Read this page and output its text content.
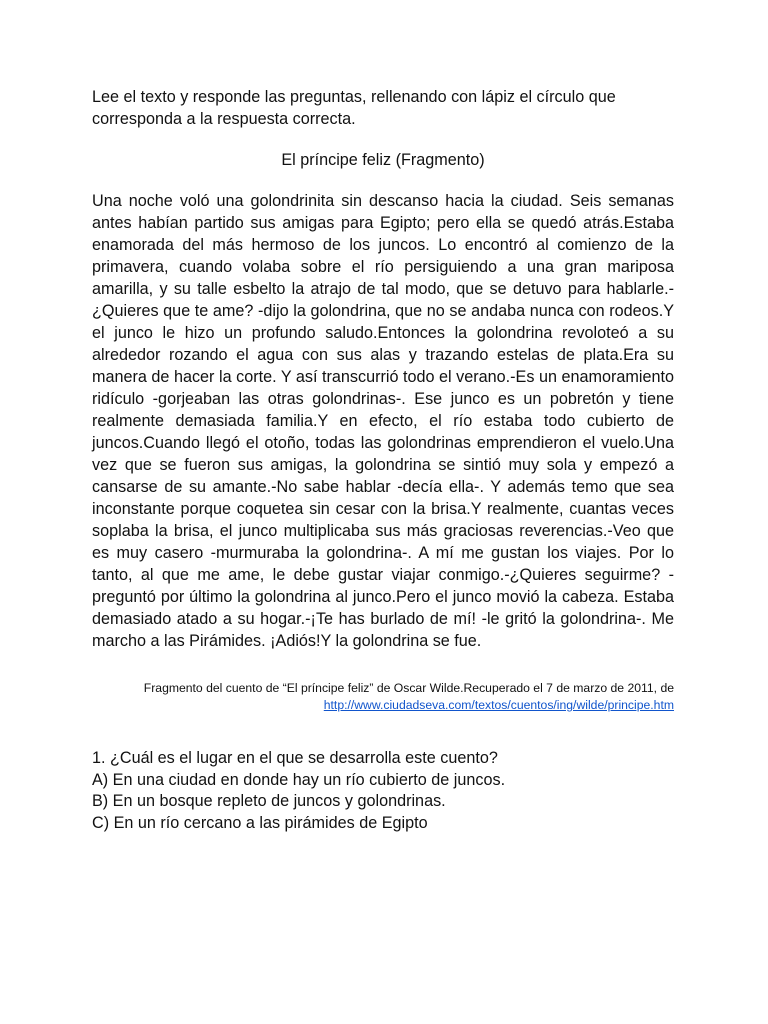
Lee el texto y responde las preguntas, rellenando con lápiz el círculo que corresponda a la respuesta correcta.

El príncipe feliz (Fragmento)

Una noche voló una golondrinita sin descanso hacia la ciudad. Seis semanas antes habían partido sus amigas para Egipto; pero ella se quedó atrás.Estaba enamorada del más hermoso de los juncos. Lo encontró al comienzo de la primavera, cuando volaba sobre el río persiguiendo a una gran mariposa amarilla, y su talle esbelto la atrajo de tal modo, que se detuvo para hablarle.-¿Quieres que te ame? -dijo la golondrina, que no se andaba nunca con rodeos.Y el junco le hizo un profundo saludo.Entonces la golondrina revoloteó a su alrededor rozando el agua con sus alas y trazando estelas de plata.Era su manera de hacer la corte. Y así transcurrió todo el verano.-Es un enamoramiento ridículo -gorjeaban las otras golondrinas-. Ese junco es un pobretón y tiene realmente demasiada familia.Y en efecto, el río estaba todo cubierto de juncos.Cuando llegó el otoño, todas las golondrinas emprendieron el vuelo.Una vez que se fueron sus amigas, la golondrina se sintió muy sola y empezó a cansarse de su amante.-No sabe hablar -decía ella-. Y además temo que sea inconstante porque coquetea sin cesar con la brisa.Y realmente, cuantas veces soplaba la brisa, el junco multiplicaba sus más graciosas reverencias.-Veo que es muy casero -murmuraba la golondrina-. A mí me gustan los viajes. Por lo tanto, al que me ame, le debe gustar viajar conmigo.-¿Quieres seguirme? -preguntó por último la golondrina al junco.Pero el junco movió la cabeza. Estaba demasiado atado a su hogar.-¡Te has burlado de mí! -le gritó la golondrina-. Me marcho a las Pirámides. ¡Adiós!Y la golondrina se fue.

Fragmento del cuento de “El príncipe feliz” de Oscar Wilde.Recuperado el 7 de marzo de 2011, de
http://www.ciudadseva.com/textos/cuentos/ing/wilde/principe.htm
1. ¿Cuál es el lugar en el que se desarrolla este cuento?
A) En una ciudad en donde hay un río cubierto de juncos.
B) En un bosque repleto de juncos y golondrinas.
C) En un río cercano a las pirámides de Egipto
